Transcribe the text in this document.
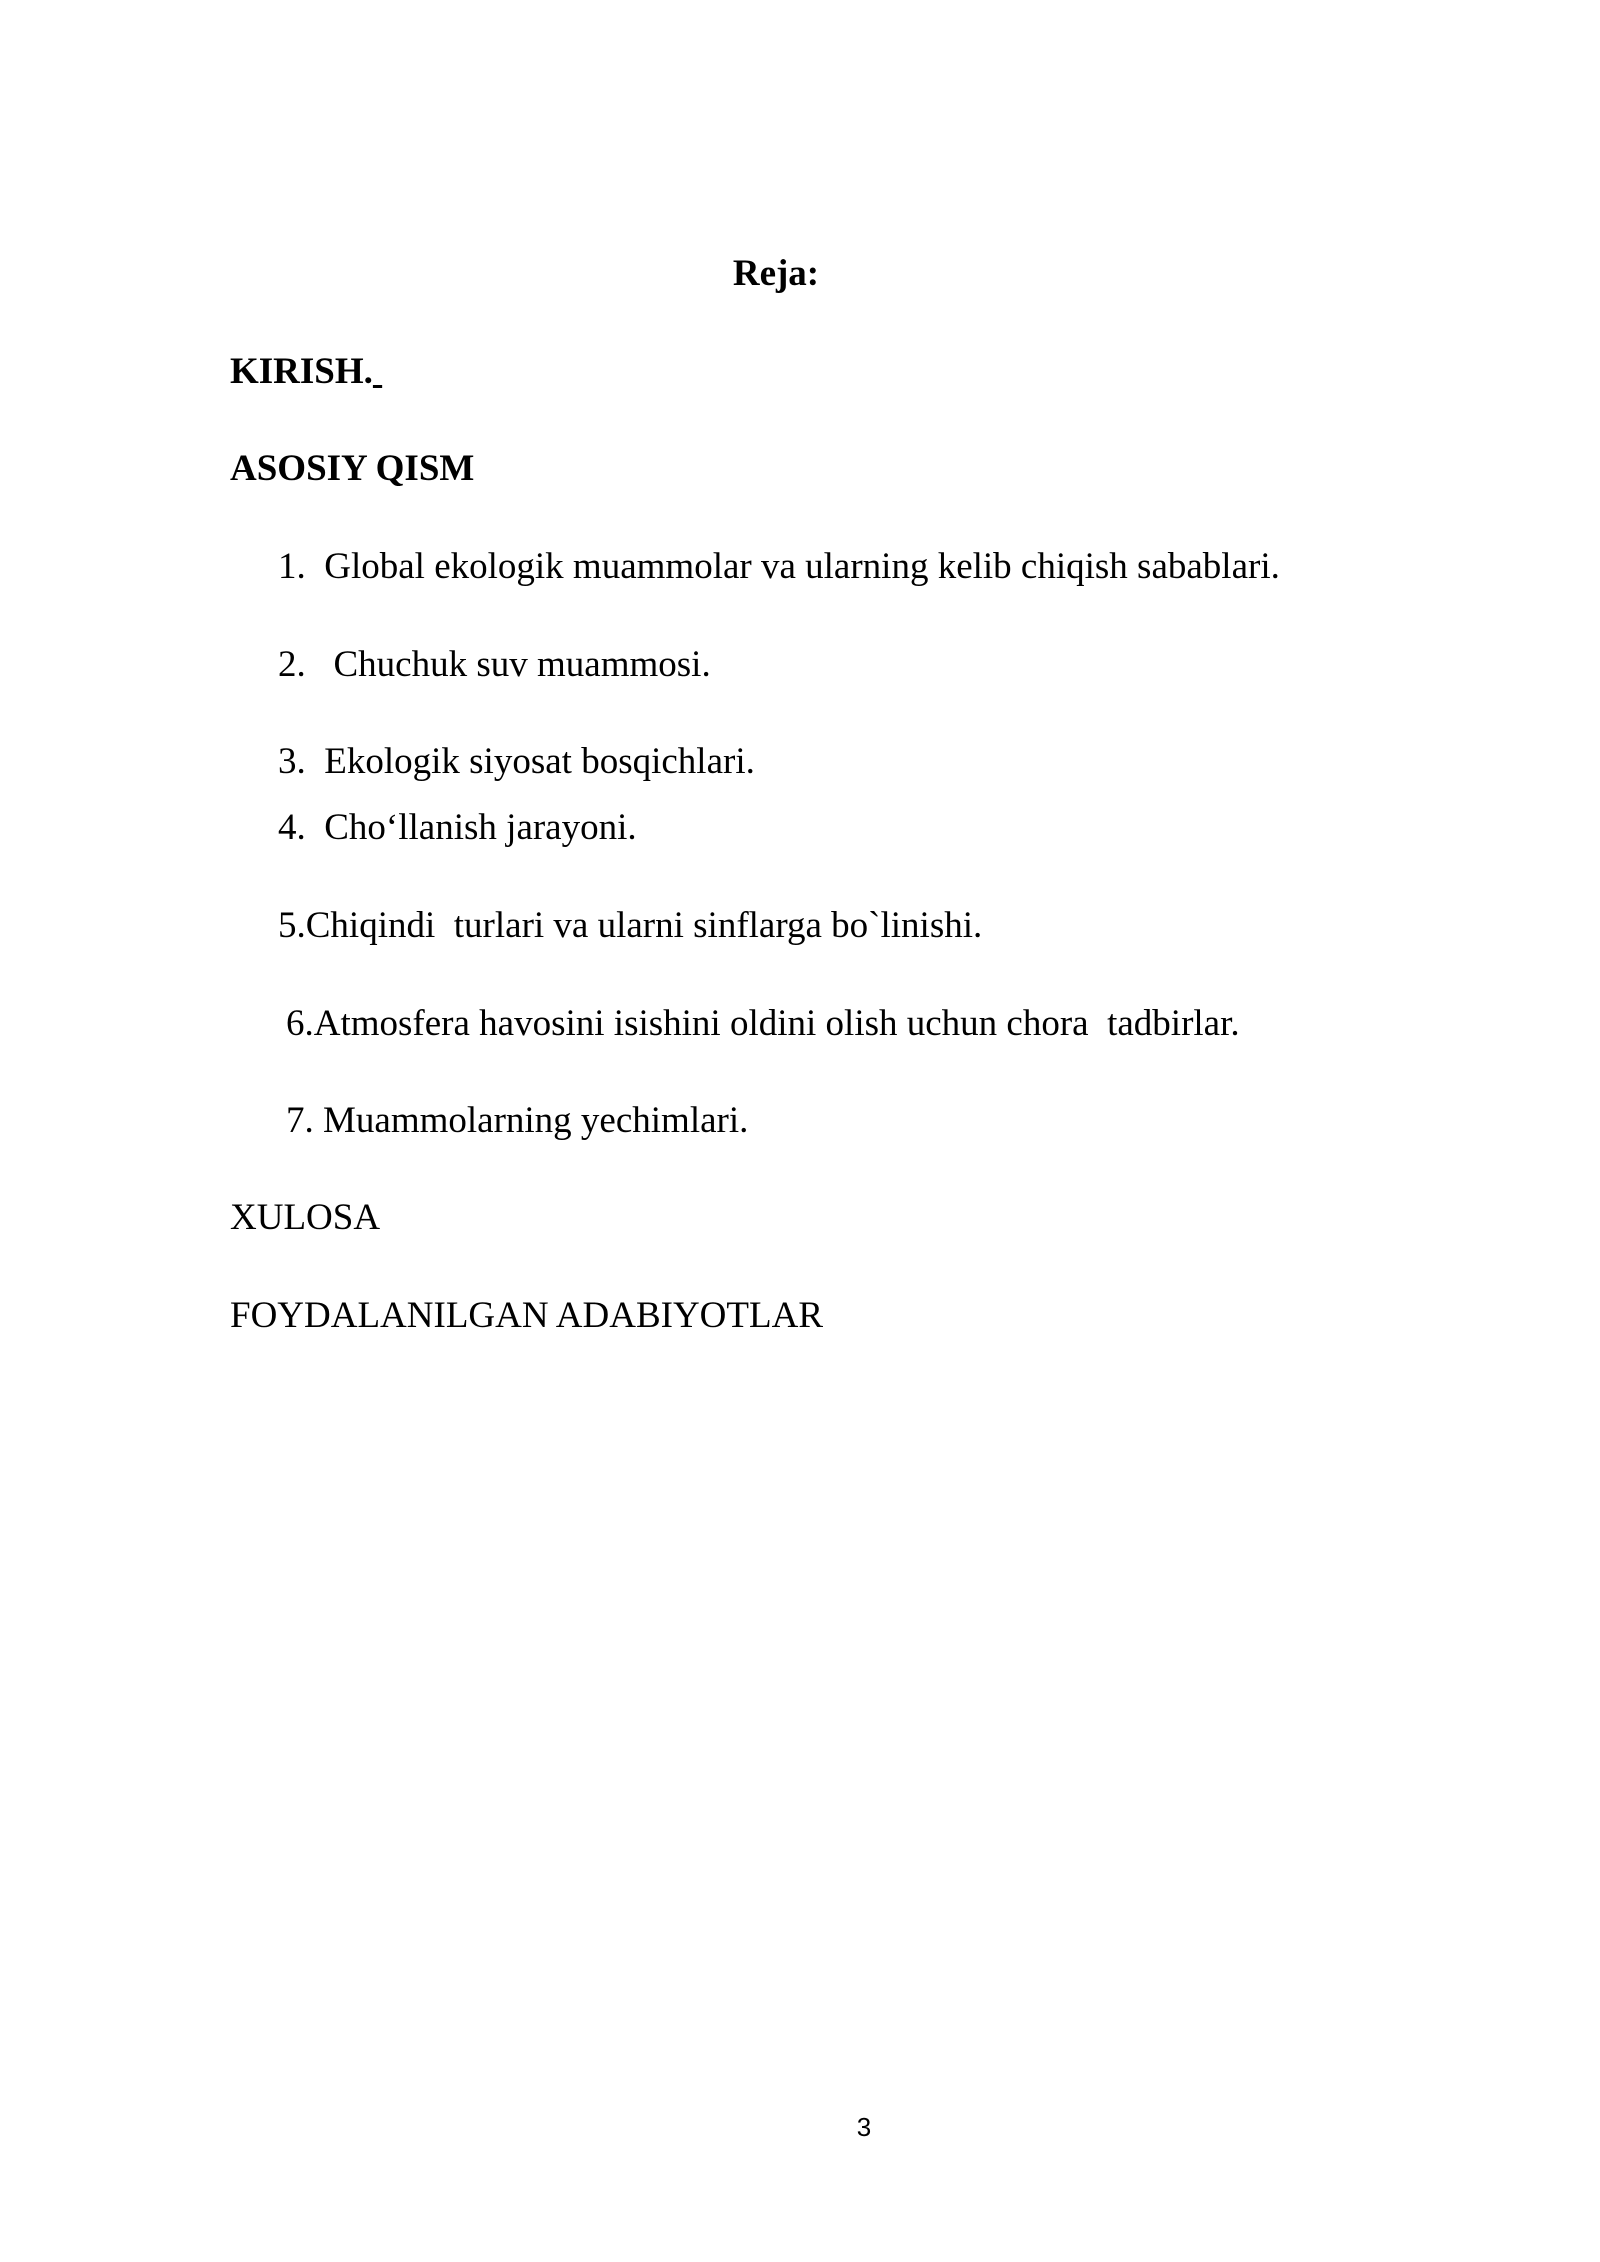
Reja:
KIRISH.
ASOSIY QISM
1.  Global ekologik muammolar va ularning kelib chiqish sabablari.
2.   Chuchuk suv muammosi.
3.  Ekologik siyosat bosqichlari.
4.  Cho‘llanish jarayoni.
5.Chiqindi  turlari va ularni sinflarga bo`linishi.
6.Atmosfera havosini isishini oldini olish uchun chora  tadbirlar.
7. Muammolarning yechimlari.
XULOSA
FOYDALANILGAN ADABIYOTLAR
3
